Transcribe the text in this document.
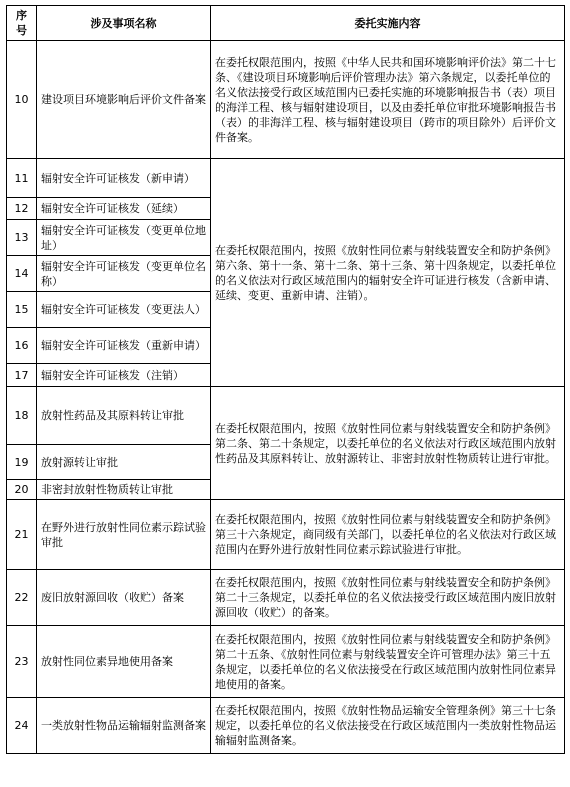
序号	涉及事项名称	委托实施内容
10	建设项目环境影响后评价文件备案	在委托权限范围内，按照《中华人民共和国环境影响评价法》第二十七条、《建设项目环境影响后评价管理办法》第六条规定，以委托单位的名义依法接受行政区域范围内已委托实施的环境影响报告书（表）项目的海洋工程、核与辐射建设项目，以及由委托单位审批环境影响报告书（表）的非海洋工程、核与辐射建设项目（跨市的项目除外）后评价文件备案。
11	辐射安全许可证核发（新申请）	在委托权限范围内，按照《放射性同位素与射线装置安全和防护条例》第六条、第十一条、第十二条、第十三条、第十四条规定，以委托单位的名义依法对行政区域范围内的辐射安全许可证进行核发（含新申请、延续、变更、重新申请、注销）。
12	辐射安全许可证核发（延续）	
13	辐射安全许可证核发（变更单位地址）	
14	辐射安全许可证核发（变更单位名称）	
15	辐射安全许可证核发（变更法人）	
16	辐射安全许可证核发（重新申请）	
17	辐射安全许可证核发（注销）	
18	放射性药品及其原料转让审批	在委托权限范围内，按照《放射性同位素与射线装置安全和防护条例》第二条、第二十条规定，以委托单位的名义依法对行政区域范围内放射性药品及其原料转让、放射源转让、非密封放射性物质转让进行审批。
19	放射源转让审批	
20	非密封放射性物质转让审批	
21	在野外进行放射性同位素示踪试验审批	在委托权限范围内，按照《放射性同位素与射线装置安全和防护条例》第三十六条规定，商同级有关部门，以委托单位的名义依法对行政区域范围内在野外进行放射性同位素示踪试验进行审批。
22	废旧放射源回收（收贮）备案	在委托权限范围内，按照《放射性同位素与射线装置安全和防护条例》第二十三条规定，以委托单位的名义依法接受行政区域范围内废旧放射源回收（收贮）的备案。
23	放射性同位素异地使用备案	在委托权限范围内，按照《放射性同位素与射线装置安全和防护条例》第二十五条、《放射性同位素与射线装置安全许可管理办法》第三十五条规定，以委托单位的名义依法接受在行政区域范围内放射性同位素异地使用的备案。
24	一类放射性物品运输辐射监测备案	在委托权限范围内，按照《放射性物品运输安全管理条例》第三十七条规定，以委托单位的名义依法接受在行政区域范围内一类放射性物品运输辐射监测备案。
